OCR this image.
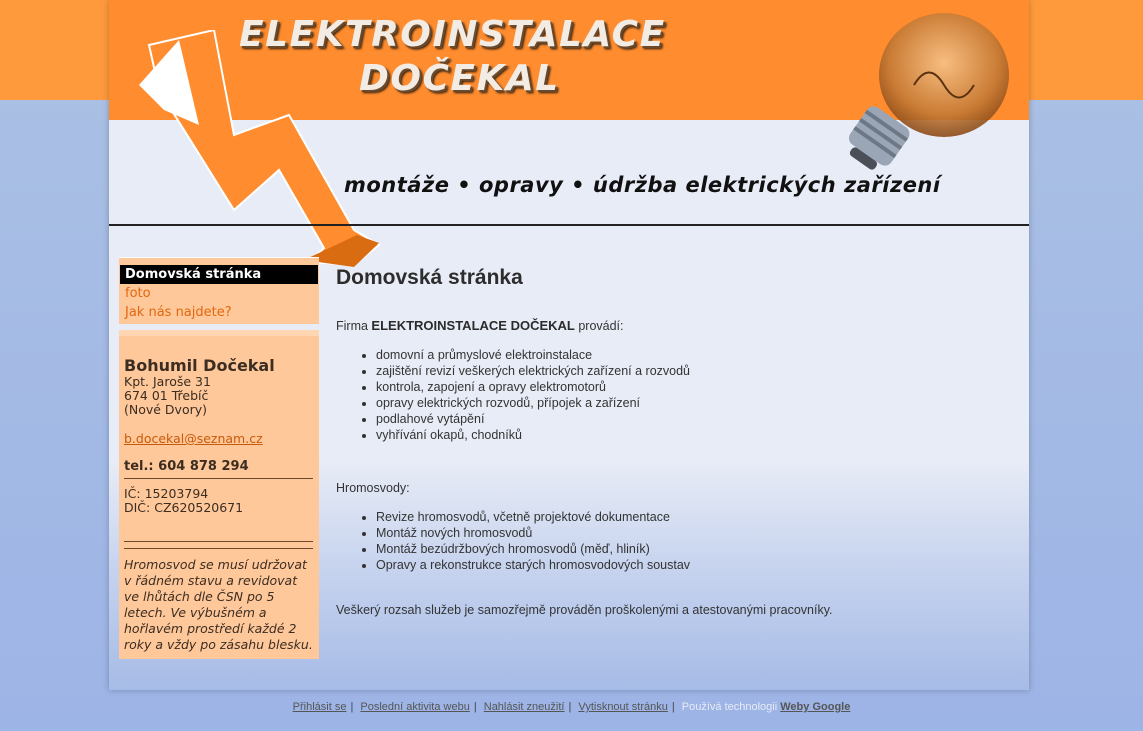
ELEKTROINSTALACE
DOČEKAL
montáže • opravy • údržba elektrických zařízení
Domovská stránka
foto
Jak nás najdete?
Bohumil Dočekal
Kpt. Jaroše 31
674 01 Třebíč
(Nové Dvory)
b.docekal@seznam.cz
tel.: 604 878 294
IČ: 15203794
DIČ: CZ620520671
Hromosvod se musí udržovat v řádném stavu a revidovat ve lhůtách dle ČSN po 5 letech. Ve výbušném a hořlavém prostředí každé 2 roky a vždy po zásahu blesku.
Domovská stránka

Firma ELEKTROINSTALACE DOČEKAL provádí:

• domovní a průmyslové elektroinstalace
• zajištění revizí veškerých elektrických zařízení a rozvodů
• kontrola, zapojení a opravy elektromotorů
• opravy elektrických rozvodů, přípojek a zařízení
• podlahové vytápění
• vyhřívání okapů, chodníků

Hromosvody:

• Revize hromosvodů, včetně projektové dokumentace
• Montáž nových hromosvodů
• Montáž bezúdržbových hromosvodů (měď, hliník)
• Opravy a rekonstrukce starých hromosvodových soustav

Veškerý rozsah služeb je samozřejmě prováděn proškolenými a atestovanými pracovníky.

Přihlásit se | Poslední aktivita webu | Nahlásit zneužití | Vytisknout stránku | Používá technologii Weby Google
